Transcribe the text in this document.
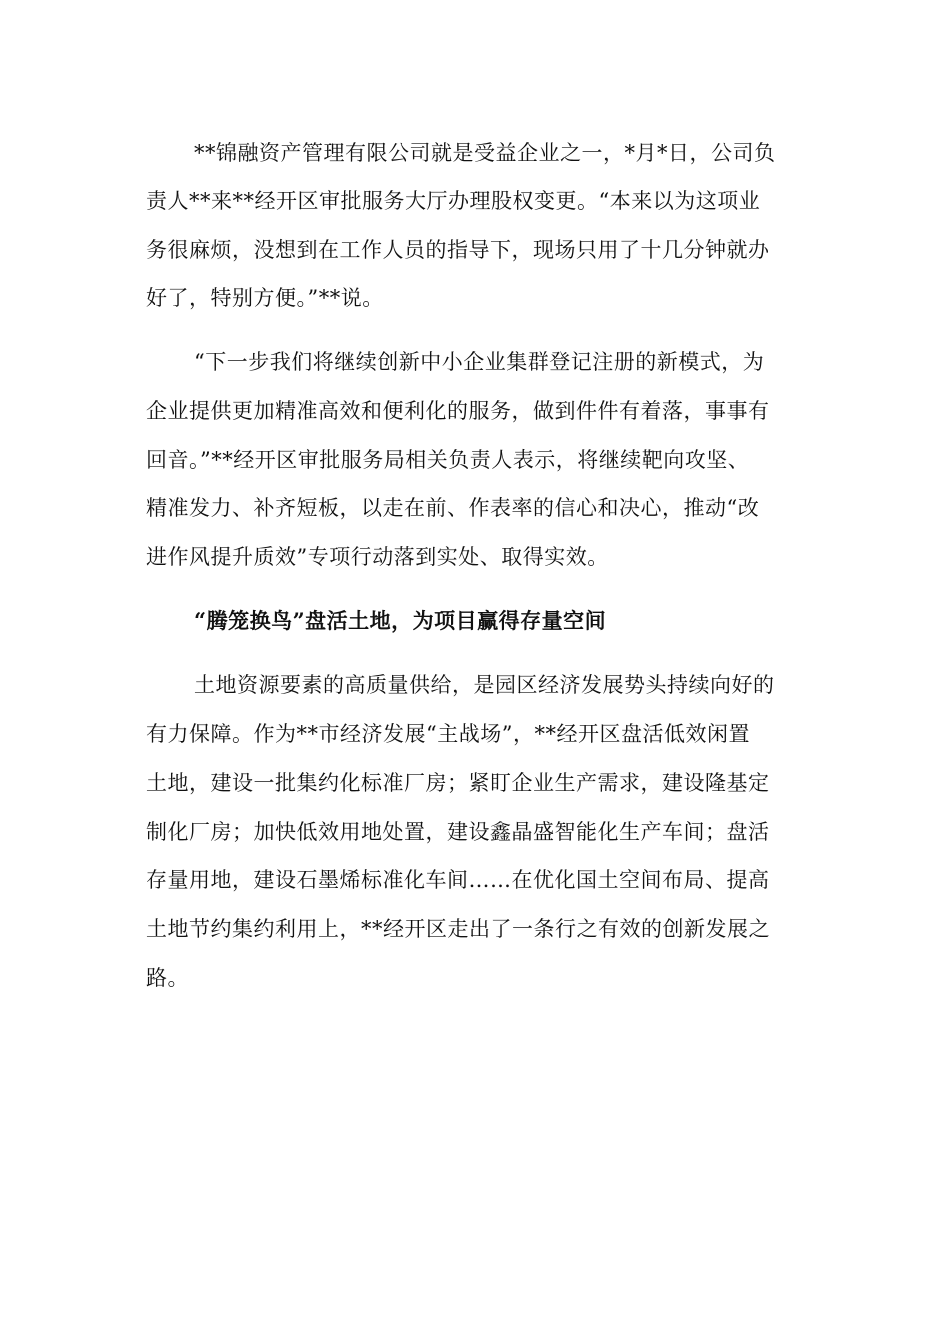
**锦融资产管理有限公司就是受益企业之一，*月*日，公司负
责人**来**经开区审批服务大厅办理股权变更。“本来以为这项业
务很麻烦，没想到在工作人员的指导下，现场只用了十几分钟就办
好了，特别方便。”**说。
“下一步我们将继续创新中小企业集群登记注册的新模式，为
企业提供更加精准高效和便利化的服务，做到件件有着落，事事有
回音。”**经开区审批服务局相关负责人表示，将继续靶向攻坚、
精准发力、补齐短板，以走在前、作表率的信心和决心，推动“改
进作风提升质效”专项行动落到实处、取得实效。
“腾笼换鸟”盘活土地，为项目赢得存量空间
土地资源要素的高质量供给，是园区经济发展势头持续向好的
有力保障。作为**市经济发展“主战场”，**经开区盘活低效闲置
土地，建设一批集约化标准厂房；紧盯企业生产需求，建设隆基定
制化厂房；加快低效用地处置，建设鑫晶盛智能化生产车间；盘活
存量用地，建设石墨烯标准化车间……在优化国土空间布局、提高
土地节约集约利用上，**经开区走出了一条行之有效的创新发展之
路。
